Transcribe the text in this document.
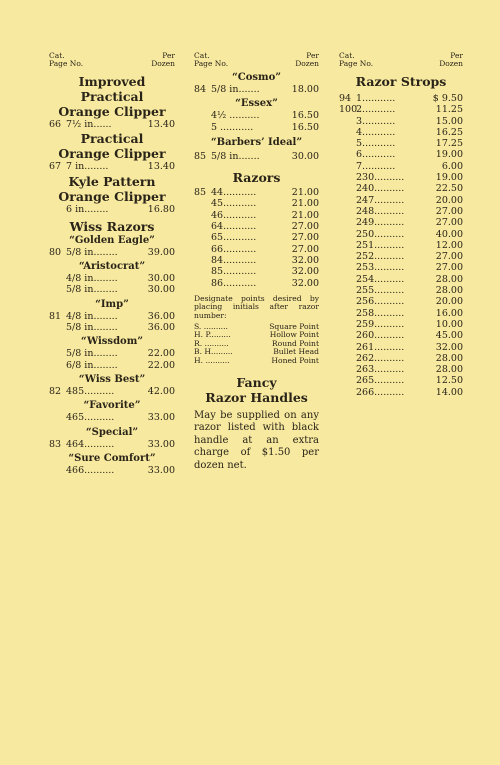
Cat.
Page No.
Per
Dozen
Improved Practical
Orange Clipper
66 7½ in......	13.40
Practical
Orange Clipper
67 7 in........	13.40
Kyle Pattern
Orange Clipper
6 in........	16.80
Wiss Razors
“Golden Eagle”
80 5/8 in........	39.00
“Aristocrat”
4/8 in........	30.00
5/8 in........	30.00
“Imp”
81 4/8 in........	36.00
5/8 in........	36.00
“Wissdom”
5/8 in........	22.00
6/8 in........	22.00
“Wiss Best”
82 485..........	42.00
“Favorite”
465..........	33.00
“Special”
83 464..........	33.00
“Sure Comfort”
466..........	33.00
Cat.
Page No.
Per
Dozen
“Cosmo”
84 5/8 in.......	18.00
“Essex”
4½ ..........	16.50
5 ...........	16.50
“Barbers’ Ideal”
85 5/8 in.......	30.00
Razors
85 44...........	21.00
45...........	21.00
46...........	21.00
64...........	27.00
65...........	27.00
66...........	27.00
84...........	32.00
85...........	32.00
86...........	32.00
Designate points desired by placing initials after razor number:
S. ..........	Square Point
H. P.........	Hollow Point
R. ..........	Round Point
B. H.........	Bullet Head
H. ..........	Honed Point
Fancy
Razor Handles
May be supplied on any razor listed with black handle at an extra charge of $1.50 per dozen net.
Cat.
Page No.
Per
Dozen
Razor Strops
94 1...........	$ 9.50
100
2...........	11.25
3...........	15.00
4...........	16.25
5...........	17.25
6...........	19.00
7...........	6.00
230..........	19.00
240..........	22.50
247..........	20.00
248..........	27.00
249..........	27.00
250..........	40.00
251..........	12.00
252..........	27.00
253..........	27.00
254..........	28.00
255..........	28.00
256..........	20.00
258..........	16.00
259..........	10.00
260..........	45.00
261..........	32.00
262..........	28.00
263..........	28.00
265..........	12.50
266..........	14.00
